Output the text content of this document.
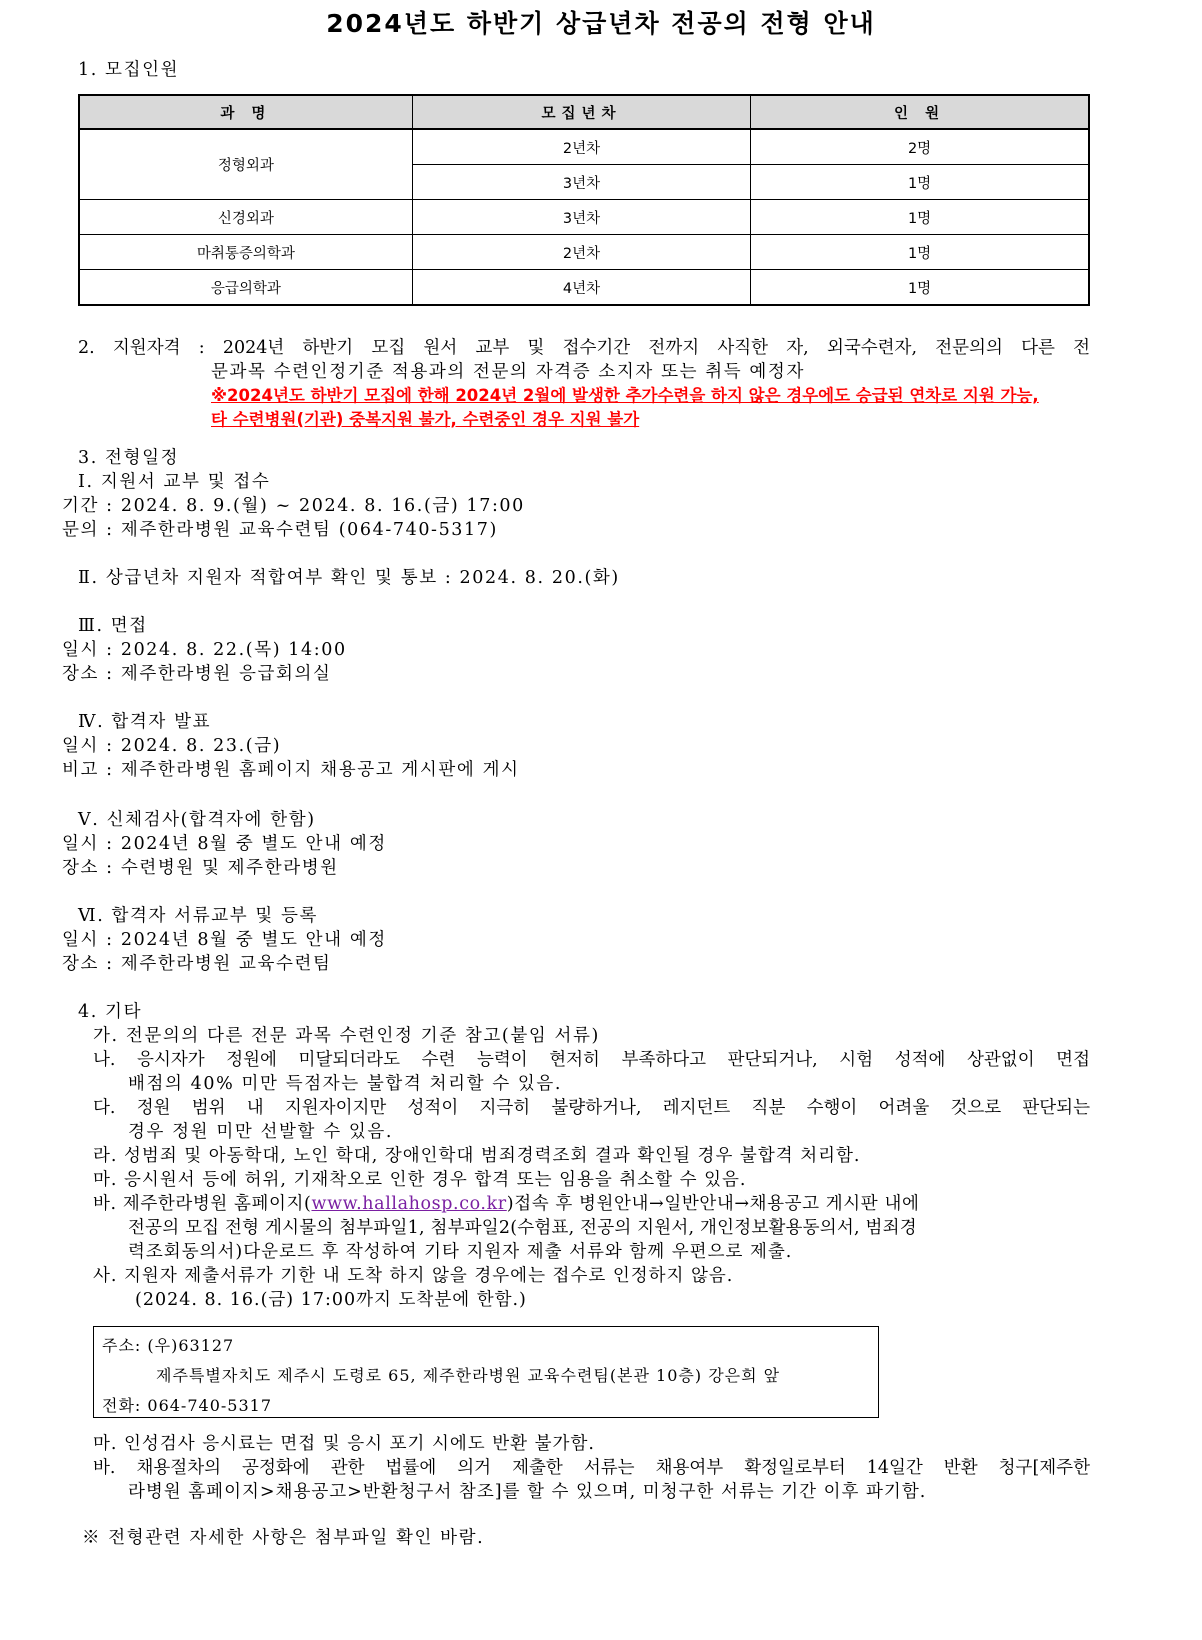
2024년도 하반기 상급년차 전공의 전형 안내
1. 모집인원
과 명	모집년차	인 원
정형외과	2년차	2명
	3년차	1명
신경외과	3년차	1명
마취통증의학과	2년차	1명
응급의학과	4년차	1명
2. 지원자격 : 2024년 하반기 모집 원서 교부 및 접수기간 전까지 사직한 자, 외국수련자, 전문의의 다른 전
문과목 수련인정기준 적용과의 전문의 자격증 소지자 또는 취득 예정자
※2024년도 하반기 모집에 한해 2024년 2월에 발생한 추가수련을 하지 않은 경우에도 승급된 연차로 지원 가능,
타 수련병원(기관) 중복지원 불가, 수련중인 경우 지원 불가
3. 전형일정
Ⅰ. 지원서 교부 및 접수
기간 : 2024. 8. 9.(월) ~ 2024. 8. 16.(금) 17:00
문의 : 제주한라병원 교육수련팀 (064-740-5317)
Ⅱ. 상급년차 지원자 적합여부 확인 및 통보 : 2024. 8. 20.(화)
Ⅲ. 면접
일시 : 2024. 8. 22.(목) 14:00
장소 : 제주한라병원 응급회의실
Ⅳ. 합격자 발표
일시 : 2024. 8. 23.(금)
비고 : 제주한라병원 홈페이지 채용공고 게시판에 게시
Ⅴ. 신체검사(합격자에 한함)
일시 : 2024년 8월 중 별도 안내 예정
장소 : 수련병원 및 제주한라병원
Ⅵ. 합격자 서류교부 및 등록
일시 : 2024년 8월 중 별도 안내 예정
장소 : 제주한라병원 교육수련팀
4. 기타
가. 전문의의 다른 전문 과목 수련인정 기준 참고(붙임 서류)
나. 응시자가 정원에 미달되더라도 수련 능력이 현저히 부족하다고 판단되거나, 시험 성적에 상관없이 면접
배점의 40% 미만 득점자는 불합격 처리할 수 있음.
다. 정원 범위 내 지원자이지만 성적이 지극히 불량하거나, 레지던트 직분 수행이 어려울 것으로 판단되는
경우 정원 미만 선발할 수 있음.
라. 성범죄 및 아동학대, 노인 학대, 장애인학대 범죄경력조회 결과 확인될 경우 불합격 처리함.
마. 응시원서 등에 허위, 기재착오로 인한 경우 합격 또는 임용을 취소할 수 있음.
바. 제주한라병원 홈페이지(www.hallahosp.co.kr)접속 후 병원안내→일반안내→채용공고 게시판 내에
전공의 모집 전형 게시물의 첨부파일1, 첨부파일2(수험표, 전공의 지원서, 개인정보활용동의서, 범죄경
력조회동의서)다운로드 후 작성하여 기타 지원자 제출 서류와 함께 우편으로 제출.
사. 지원자 제출서류가 기한 내 도착 하지 않을 경우에는 접수로 인정하지 않음.
(2024. 8. 16.(금) 17:00까지 도착분에 한함.)
주소: (우)63127
제주특별자치도 제주시 도령로 65, 제주한라병원 교육수련팀(본관 10층) 강은희 앞
전화: 064-740-5317
마. 인성검사 응시료는 면접 및 응시 포기 시에도 반환 불가함.
바. 채용절차의 공정화에 관한 법률에 의거 제출한 서류는 채용여부 확정일로부터 14일간 반환 청구[제주한
라병원 홈페이지>채용공고>반환청구서 참조]를 할 수 있으며, 미청구한 서류는 기간 이후 파기함.
※ 전형관련 자세한 사항은 첨부파일 확인 바람.
